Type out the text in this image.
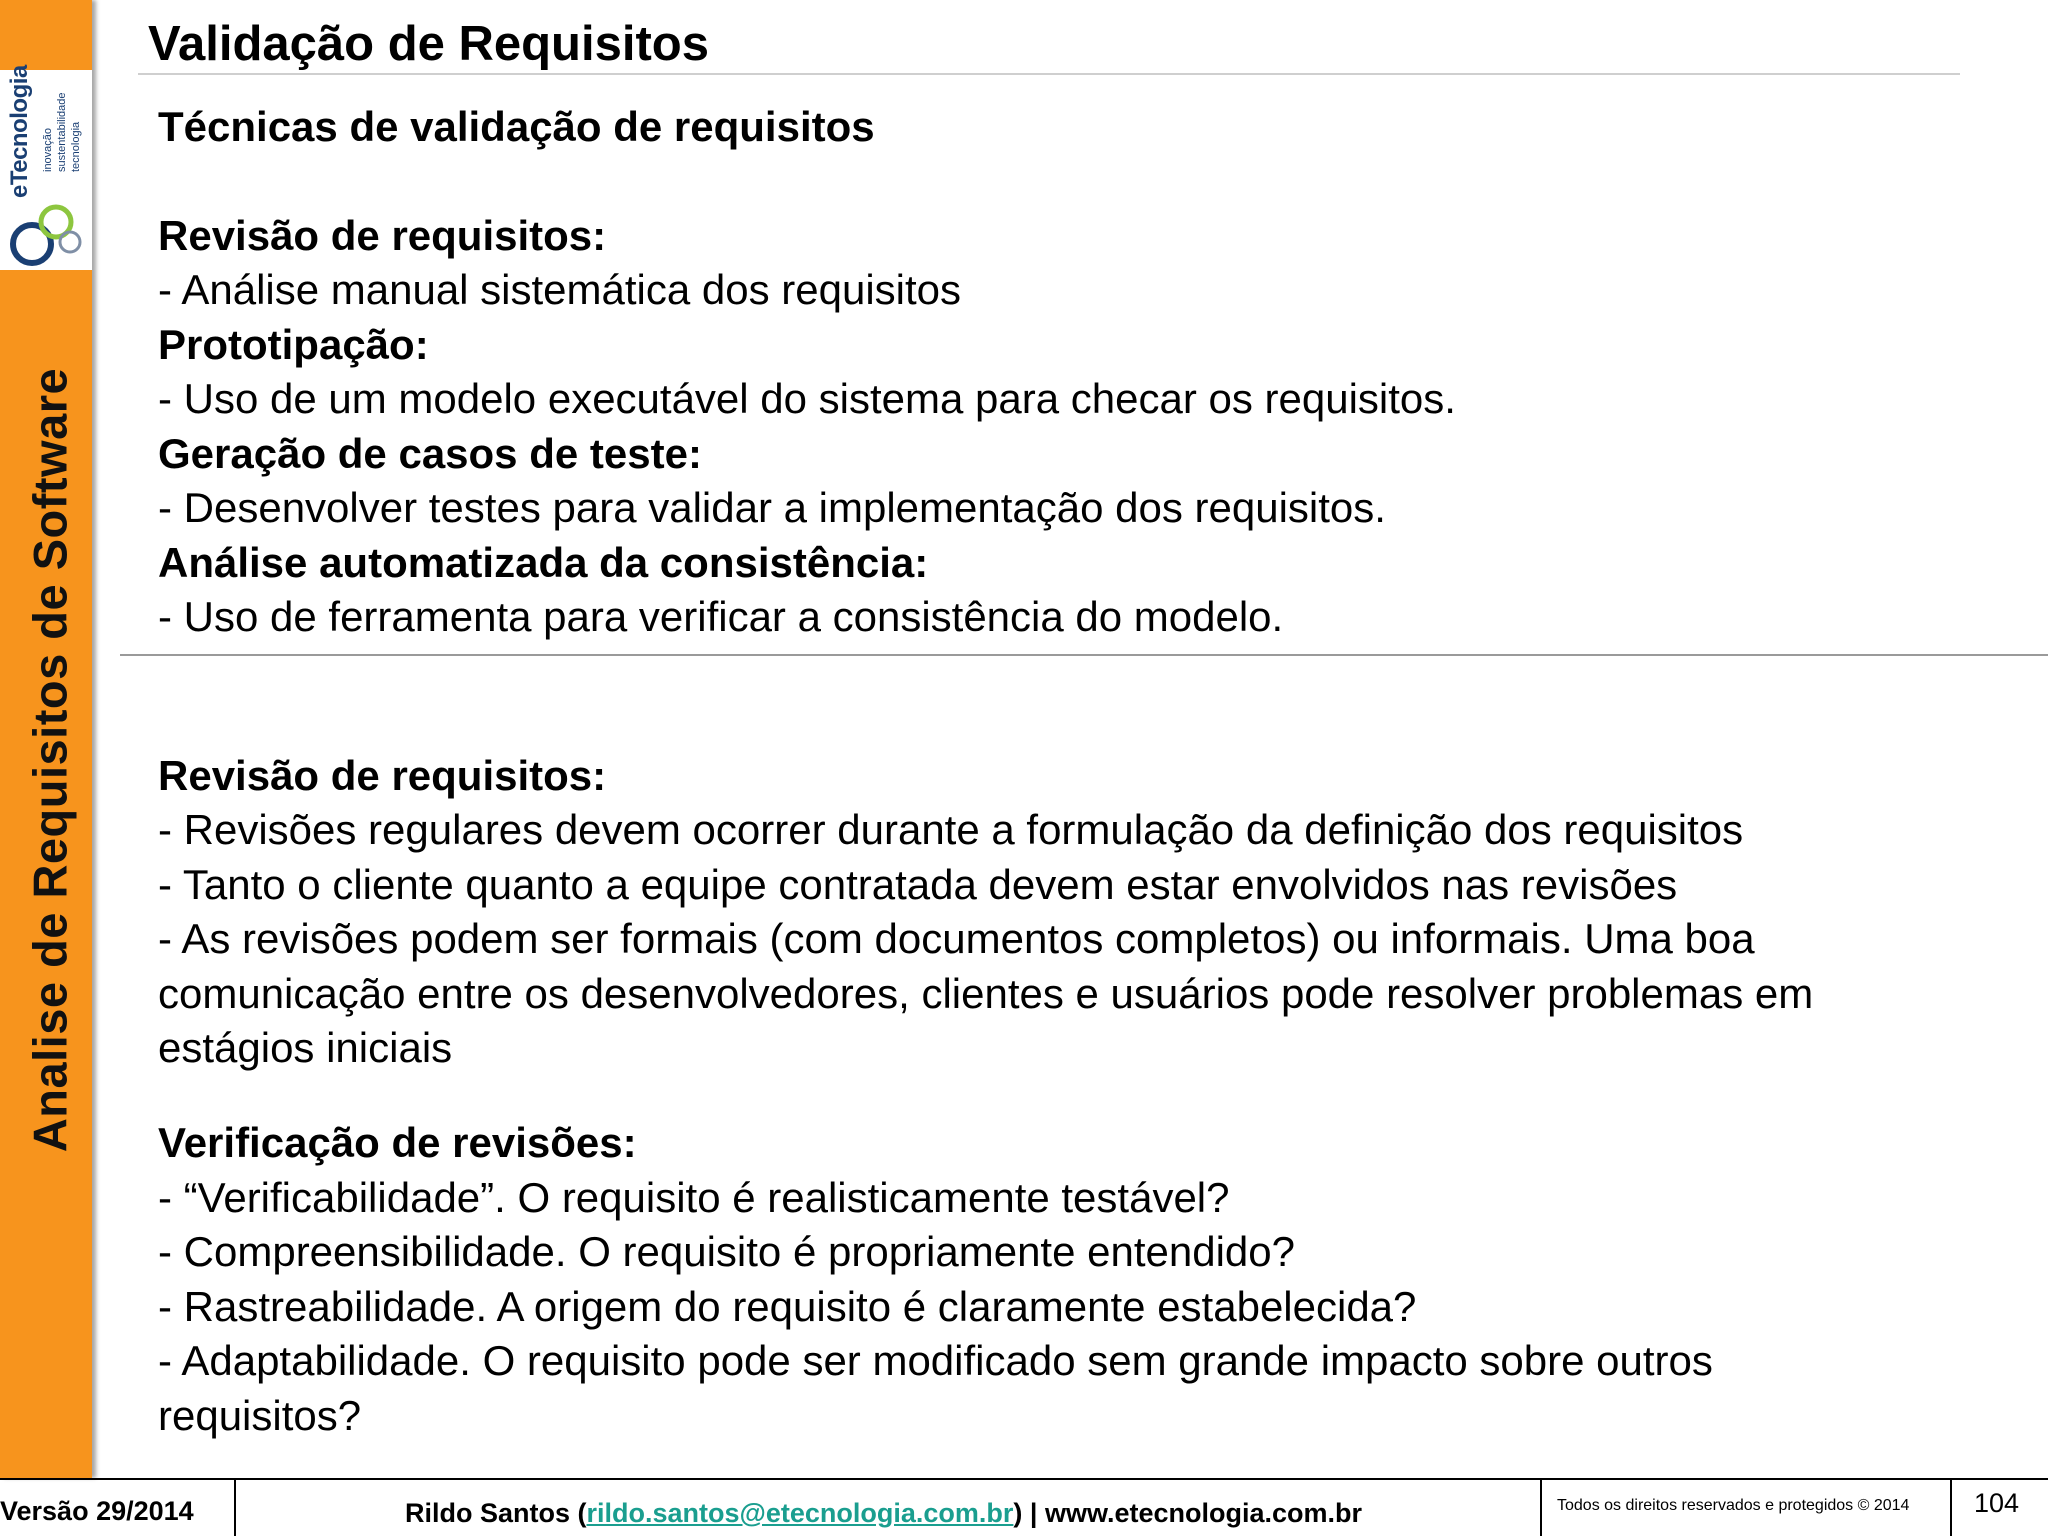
eTecnologia inovação sustentabilidade tecnologia
Analise de Requisitos de Software
Validação de Requisitos
Técnicas de validação de requisitos
Revisão de requisitos:
- Análise manual sistemática dos requisitos
Prototipação:
- Uso de um modelo executável do sistema para checar os requisitos.
Geração de casos de teste:
- Desenvolver testes para validar a implementação dos requisitos.
Análise automatizada da consistência:
- Uso de ferramenta para verificar a consistência do modelo.
Revisão de requisitos:
- Revisões regulares devem ocorrer durante a formulação da definição dos requisitos
- Tanto o cliente quanto a equipe contratada devem estar envolvidos nas revisões
- As revisões podem ser formais (com documentos completos) ou informais. Uma boa
comunicação entre os desenvolvedores, clientes e usuários pode resolver problemas em
estágios iniciais
Verificação de revisões:
- “Verificabilidade”. O requisito é realisticamente testável?
- Compreensibilidade. O requisito é propriamente entendido?
- Rastreabilidade. A origem do requisito é claramente estabelecida?
- Adaptabilidade. O requisito pode ser modificado sem grande impacto sobre outros
requisitos?
Versão 29/2014	Rildo Santos (rildo.santos@etecnologia.com.br) | www.etecnologia.com.br	Todos os direitos reservados e protegidos © 2014 104
